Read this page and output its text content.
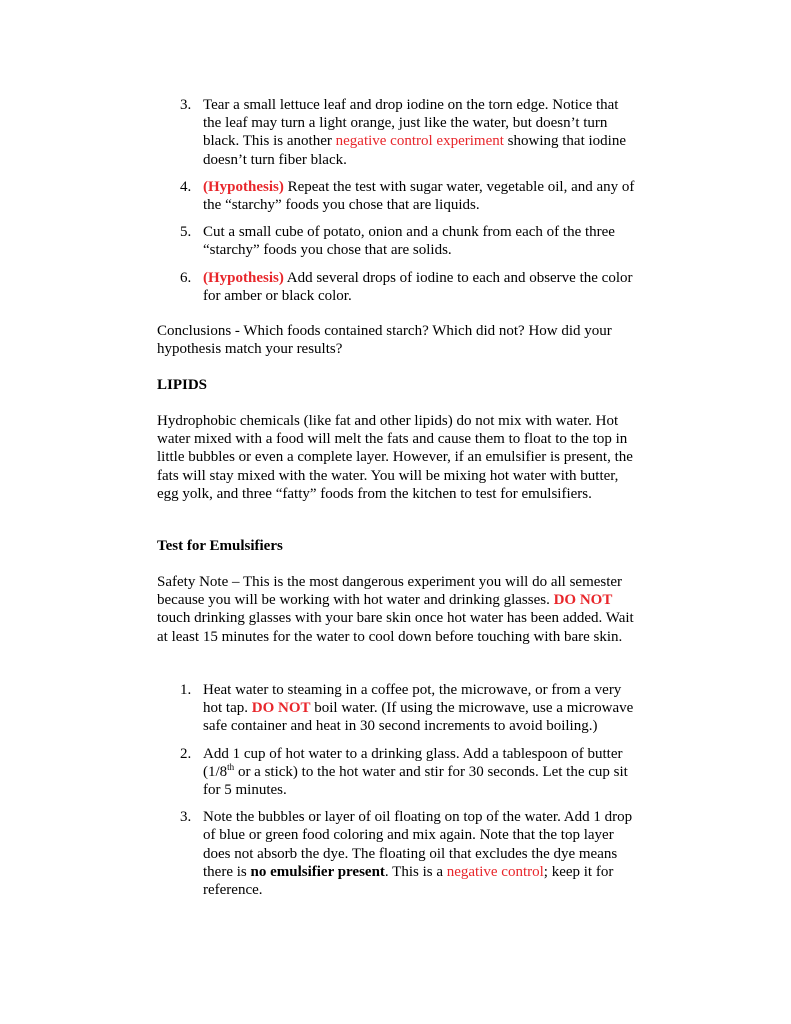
3. Tear a small lettuce leaf and drop iodine on the torn edge. Notice that the leaf may turn a light orange, just like the water, but doesn’t turn black. This is another negative control experiment showing that iodine doesn’t turn fiber black.
4. (Hypothesis) Repeat the test with sugar water, vegetable oil, and any of the “starchy” foods you chose that are liquids.
5. Cut a small cube of potato, onion and a chunk from each of the three “starchy” foods you chose that are solids.
6. (Hypothesis) Add several drops of iodine to each and observe the color for amber or black color.

Conclusions - Which foods contained starch? Which did not? How did your hypothesis match your results?

LIPIDS

Hydrophobic chemicals (like fat and other lipids) do not mix with water. Hot water mixed with a food will melt the fats and cause them to float to the top in little bubbles or even a complete layer. However, if an emulsifier is present, the fats will stay mixed with the water. You will be mixing hot water with butter, egg yolk, and three “fatty” foods from the kitchen to test for emulsifiers.

Test for Emulsifiers

Safety Note – This is the most dangerous experiment you will do all semester because you will be working with hot water and drinking glasses. DO NOT touch drinking glasses with your bare skin once hot water has been added. Wait at least 15 minutes for the water to cool down before touching with bare skin.

1. Heat water to steaming in a coffee pot, the microwave, or from a very hot tap. DO NOT boil water. (If using the microwave, use a microwave safe container and heat in 30 second increments to avoid boiling.)
2. Add 1 cup of hot water to a drinking glass. Add a tablespoon of butter (1/8th or a stick) to the hot water and stir for 30 seconds. Let the cup sit for 5 minutes.
3. Note the bubbles or layer of oil floating on top of the water. Add 1 drop of blue or green food coloring and mix again. Note that the top layer does not absorb the dye. The floating oil that excludes the dye means there is no emulsifier present. This is a negative control; keep it for reference.
